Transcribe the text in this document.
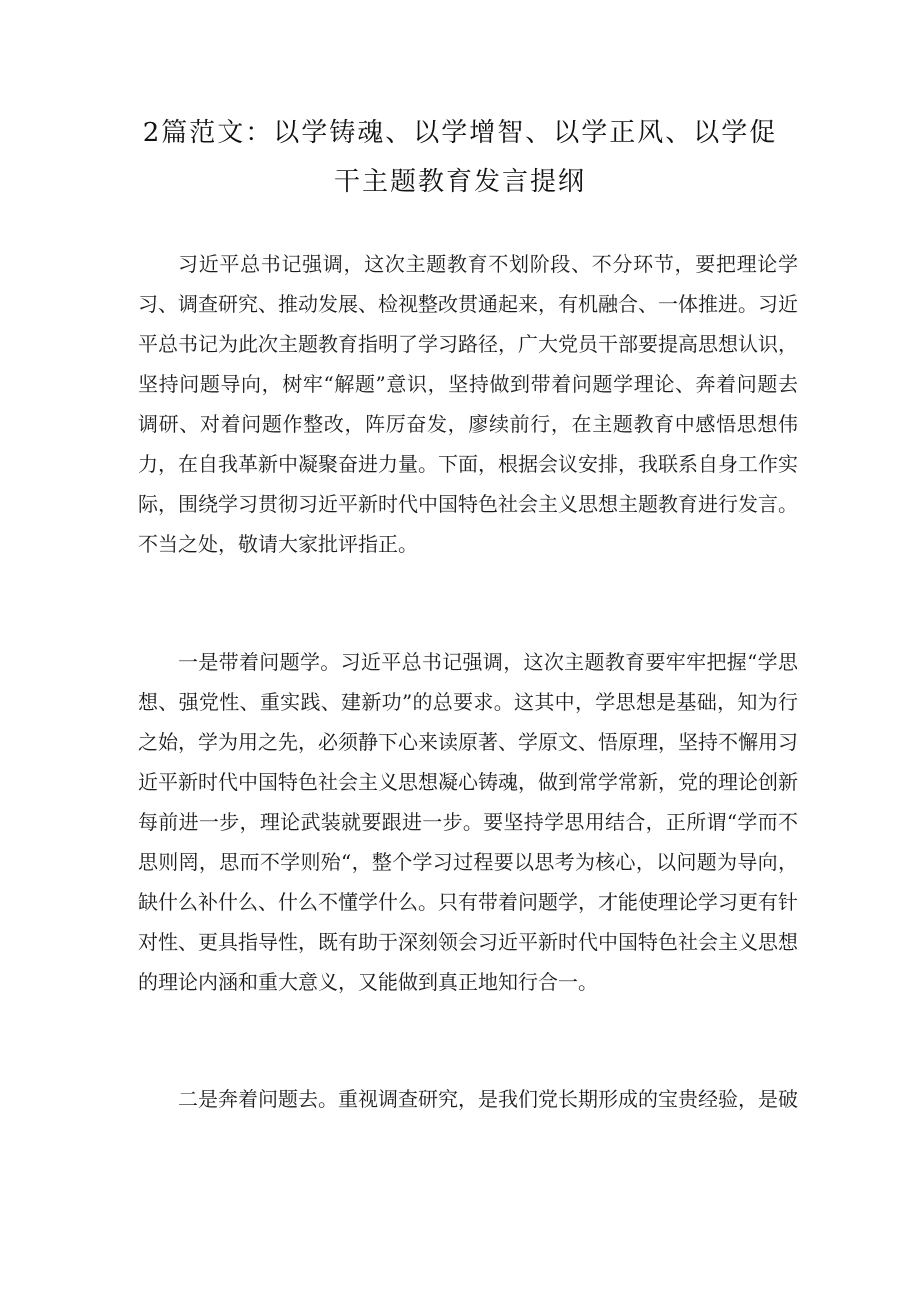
2篇范文：以学铸魂、以学增智、以学正风、以学促
干主题教育发言提纲

习近平总书记强调，这次主题教育不划阶段、不分环节，要把理论学习、调查研究、推动发展、检视整改贯通起来，有机融合、一体推进。习近平总书记为此次主题教育指明了学习路径，广大党员干部要提高思想认识，坚持问题导向，树牢“解题”意识，坚持做到带着问题学理论、奔着问题去调研、对着问题作整改，阵厉奋发，廖续前行，在主题教育中感悟思想伟力，在自我革新中凝聚奋进力量。下面，根据会议安排，我联系自身工作实际，围绕学习贯彻习近平新时代中国特色社会主义思想主题教育进行发言。不当之处，敬请大家批评指正。

一是带着问题学。习近平总书记强调，这次主题教育要牢牢把握“学思想、强党性、重实践、建新功”的总要求。这其中，学思想是基础，知为行之始，学为用之先，必须静下心来读原著、学原文、悟原理，坚持不懈用习近平新时代中国特色社会主义思想凝心铸魂，做到常学常新，党的理论创新每前进一步，理论武装就要跟进一步。要坚持学思用结合，正所谓“学而不思则罔，思而不学则殆“，整个学习过程要以思考为核心，以问题为导向，缺什么补什么、什么不懂学什么。只有带着问题学，才能使理论学习更有针对性、更具指导性，既有助于深刻领会习近平新时代中国特色社会主义思想的理论内涵和重大意义，又能做到真正地知行合一。

二是奔着问题去。重视调查研究，是我们党长期形成的宝贵经验，是破
